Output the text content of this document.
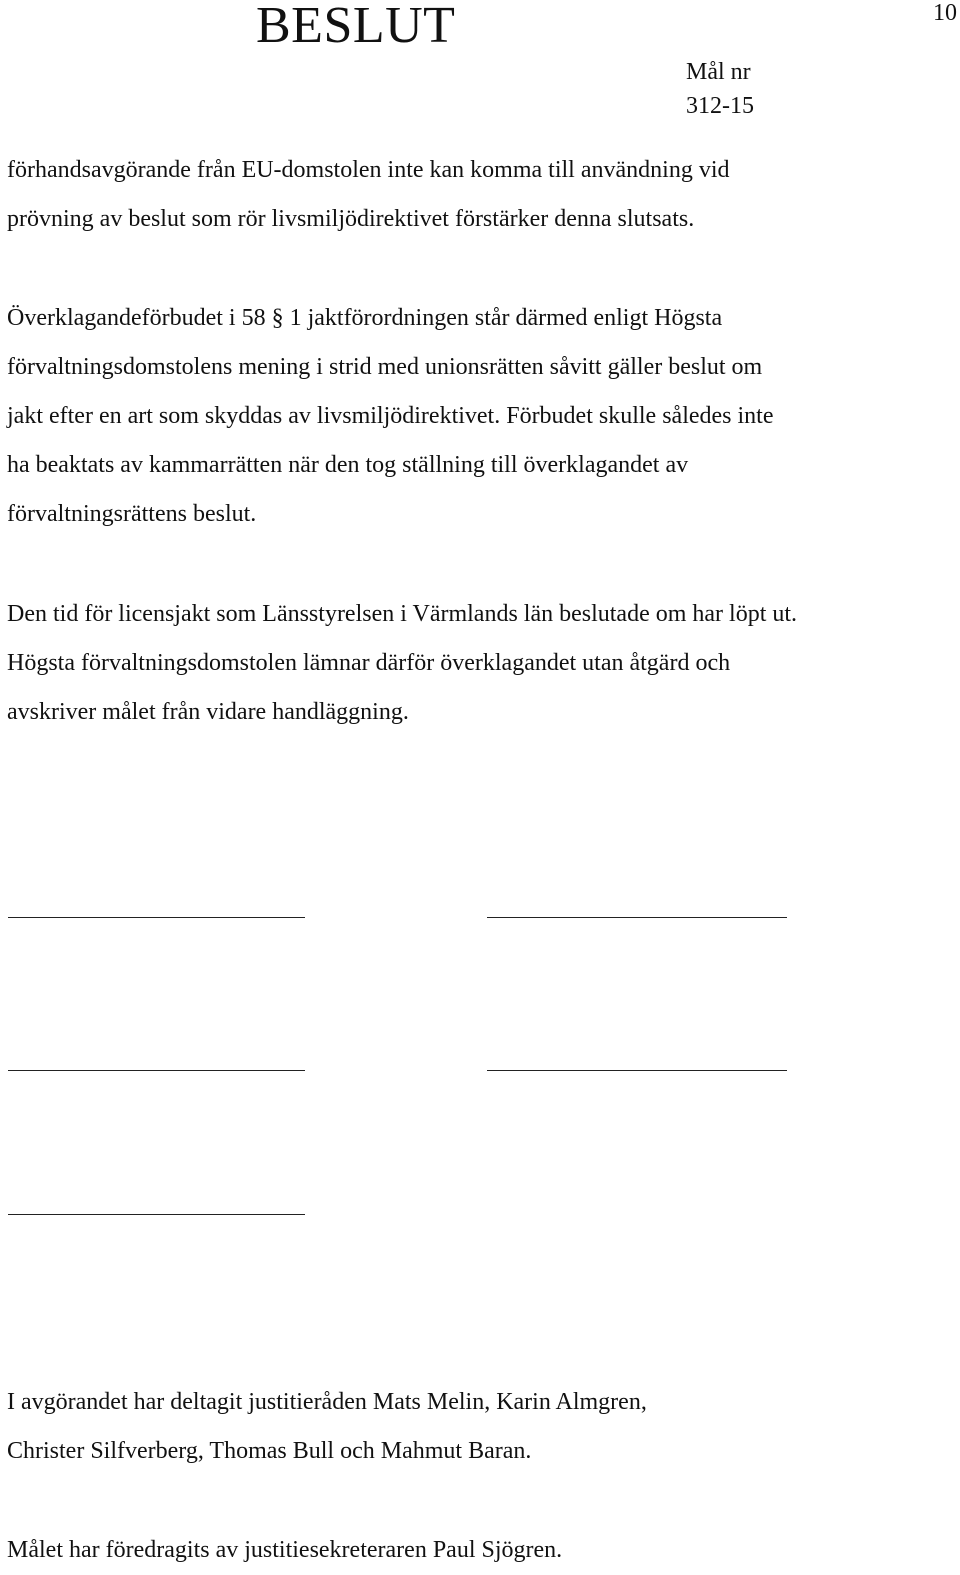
BESLUT	10
Mål nr
312-15
förhandsavgörande från EU-domstolen inte kan komma till användning vid
prövning av beslut som rör livsmiljödirektivet förstärker denna slutsats.
Överklagandeförbudet i 58 § 1 jaktförordningen står därmed enligt Högsta
förvaltningsdomstolens mening i strid med unionsrätten såvitt gäller beslut om
jakt efter en art som skyddas av livsmiljödirektivet. Förbudet skulle således inte
ha beaktats av kammarrätten när den tog ställning till överklagandet av
förvaltningsrättens beslut.
Den tid för licensjakt som Länsstyrelsen i Värmlands län beslutade om har löpt ut.
Högsta förvaltningsdomstolen lämnar därför överklagandet utan åtgärd och
avskriver målet från vidare handläggning.
I avgörandet har deltagit justitieråden Mats Melin, Karin Almgren,
Christer Silfverberg, Thomas Bull och Mahmut Baran.
Målet har föredragits av justitiesekreteraren Paul Sjögren.
